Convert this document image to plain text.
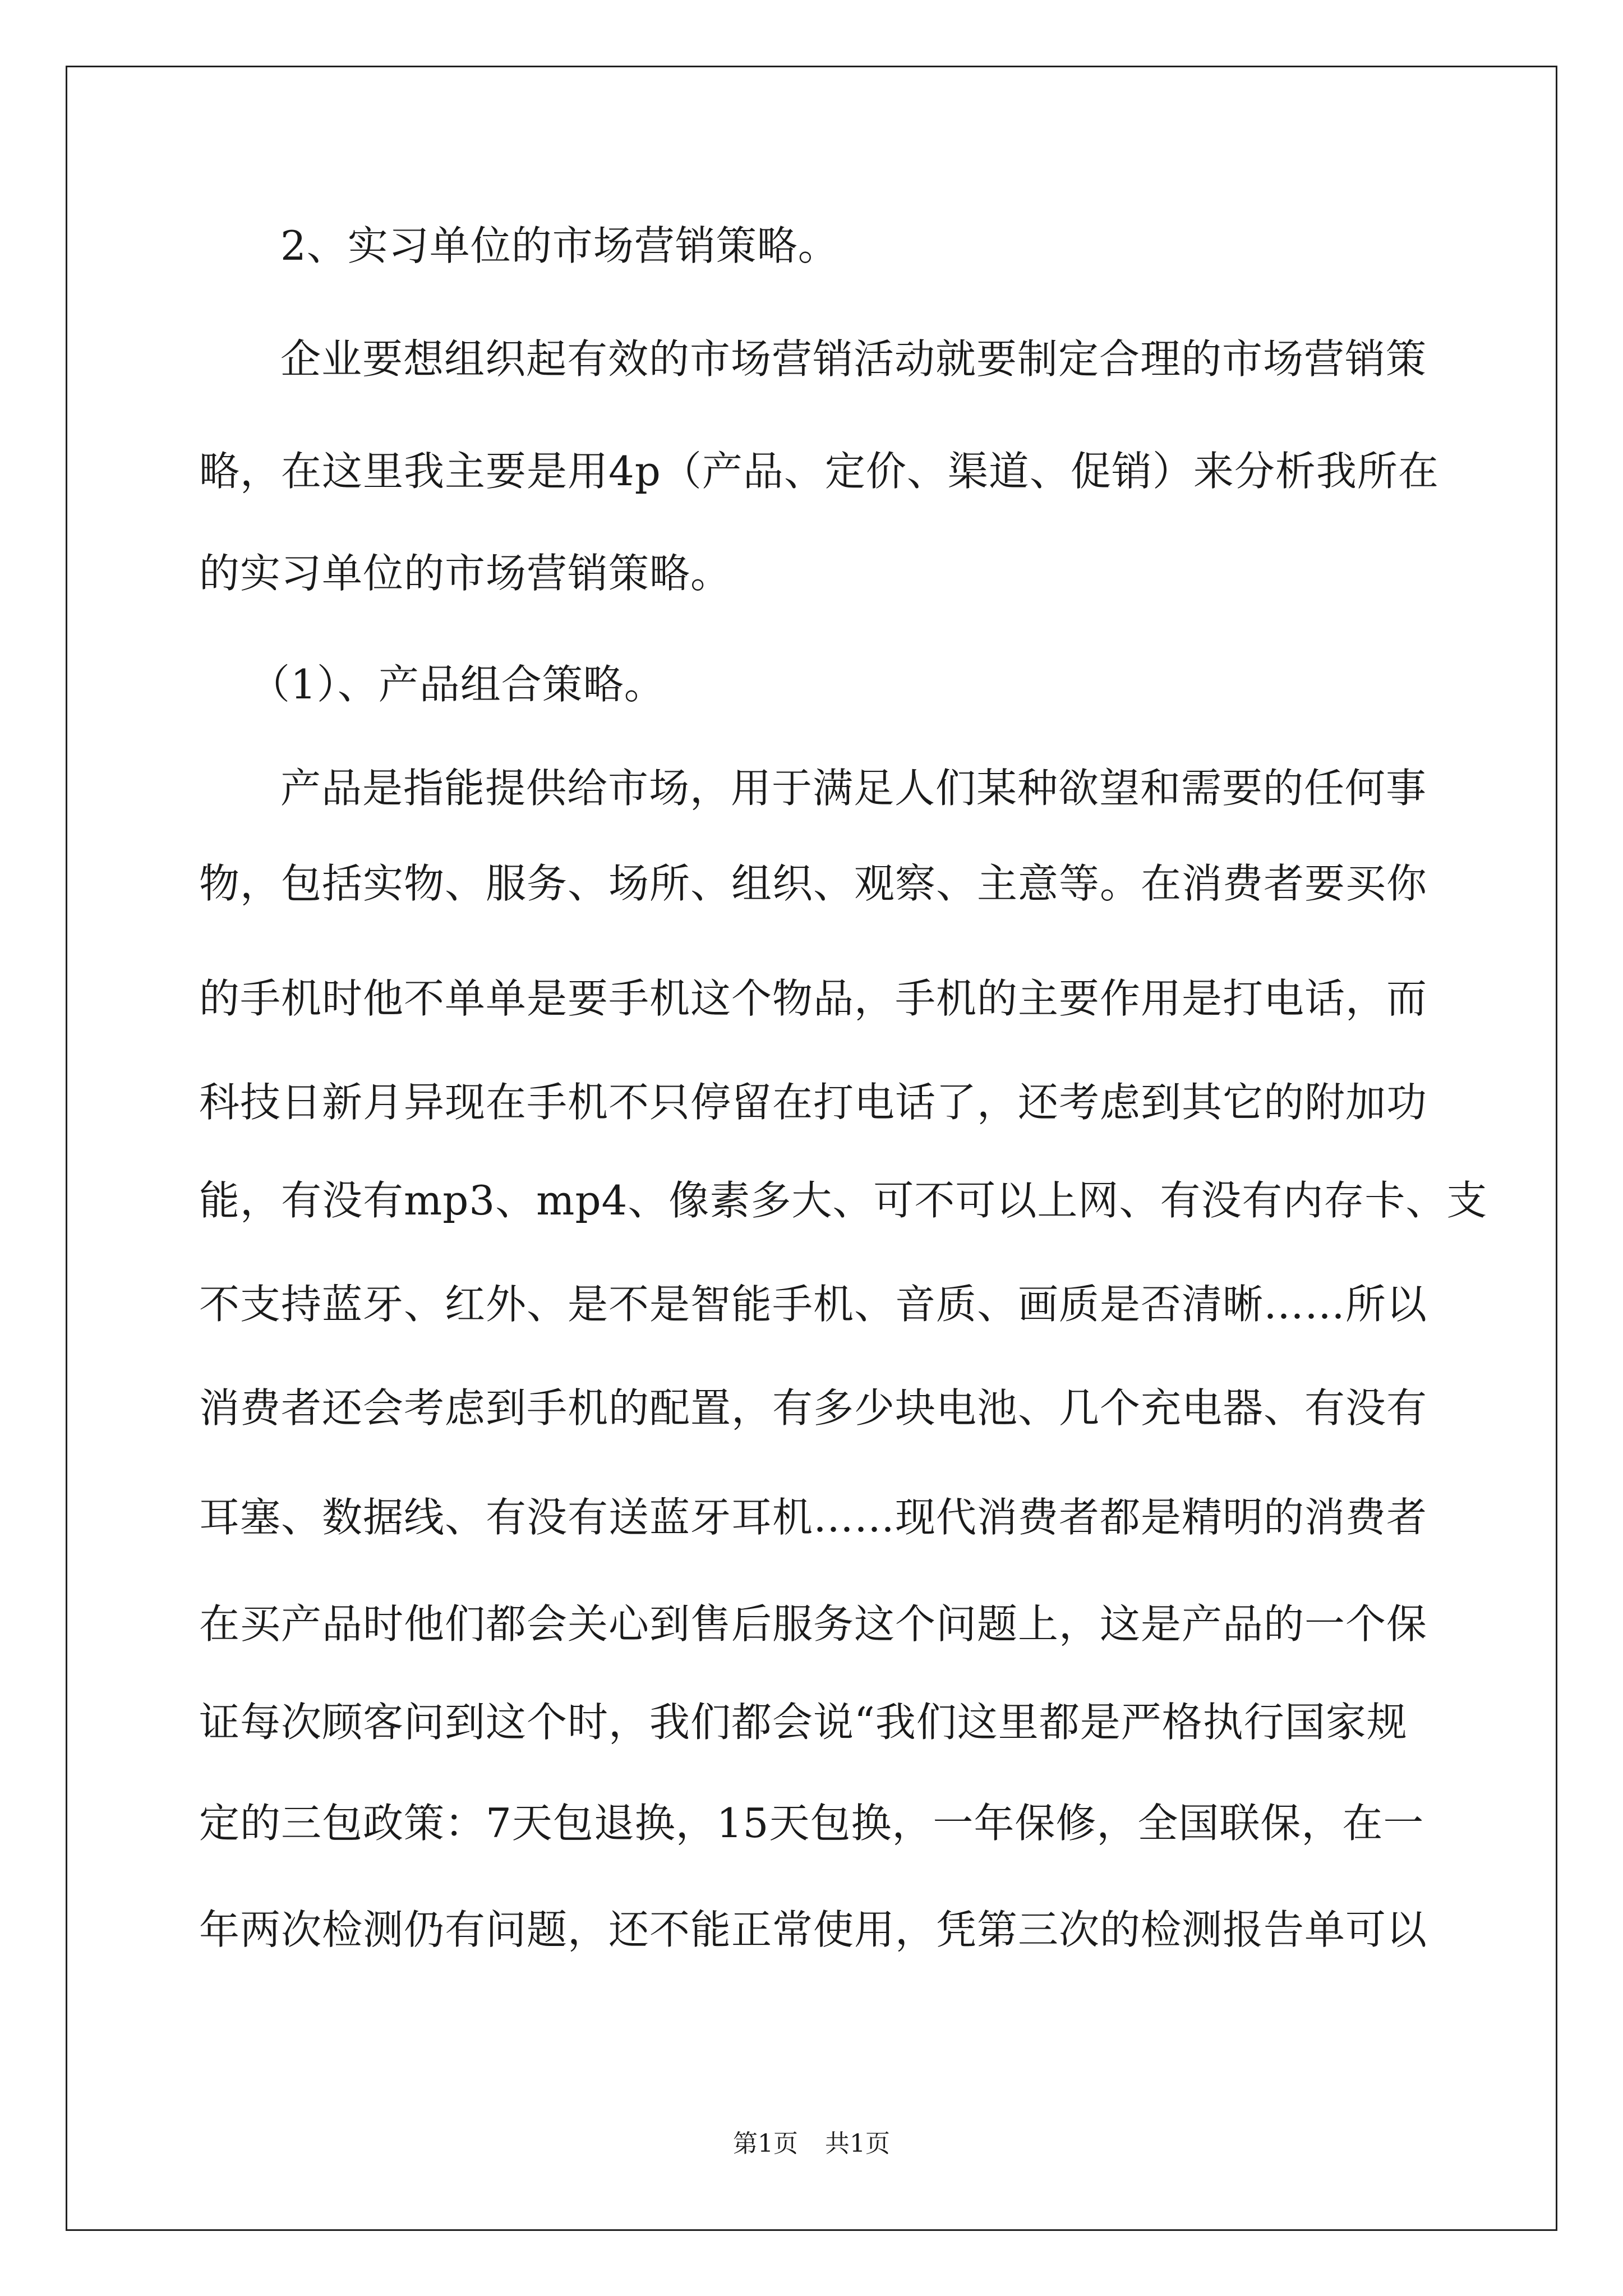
2、实习单位的市场营销策略。
企业要想组织起有效的市场营销活动就要制定合理的市场营销策
略，在这里我主要是用4p（产品、定价、渠道、促销）来分析我所在
的实习单位的市场营销策略。
（1）、产品组合策略。
产品是指能提供给市场，用于满足人们某种欲望和需要的任何事
物，包括实物、服务、场所、组织、观察、主意等。在消费者要买你
的手机时他不单单是要手机这个物品，手机的主要作用是打电话，而
科技日新月异现在手机不只停留在打电话了，还考虑到其它的附加功
能，有没有mp3、mp4、像素多大、可不可以上网、有没有内存卡、支
不支持蓝牙、红外、是不是智能手机、音质、画质是否清晰……所以
消费者还会考虑到手机的配置，有多少块电池、几个充电器、有没有
耳塞、数据线、有没有送蓝牙耳机……现代消费者都是精明的消费者
在买产品时他们都会关心到售后服务这个问题上，这是产品的一个保
证每次顾客问到这个时，我们都会说“我们这里都是严格执行国家规
定的三包政策：7天包退换，15天包换，一年保修，全国联保，在一
年两次检测仍有问题，还不能正常使用，凭第三次的检测报告单可以
第1页 共1页
